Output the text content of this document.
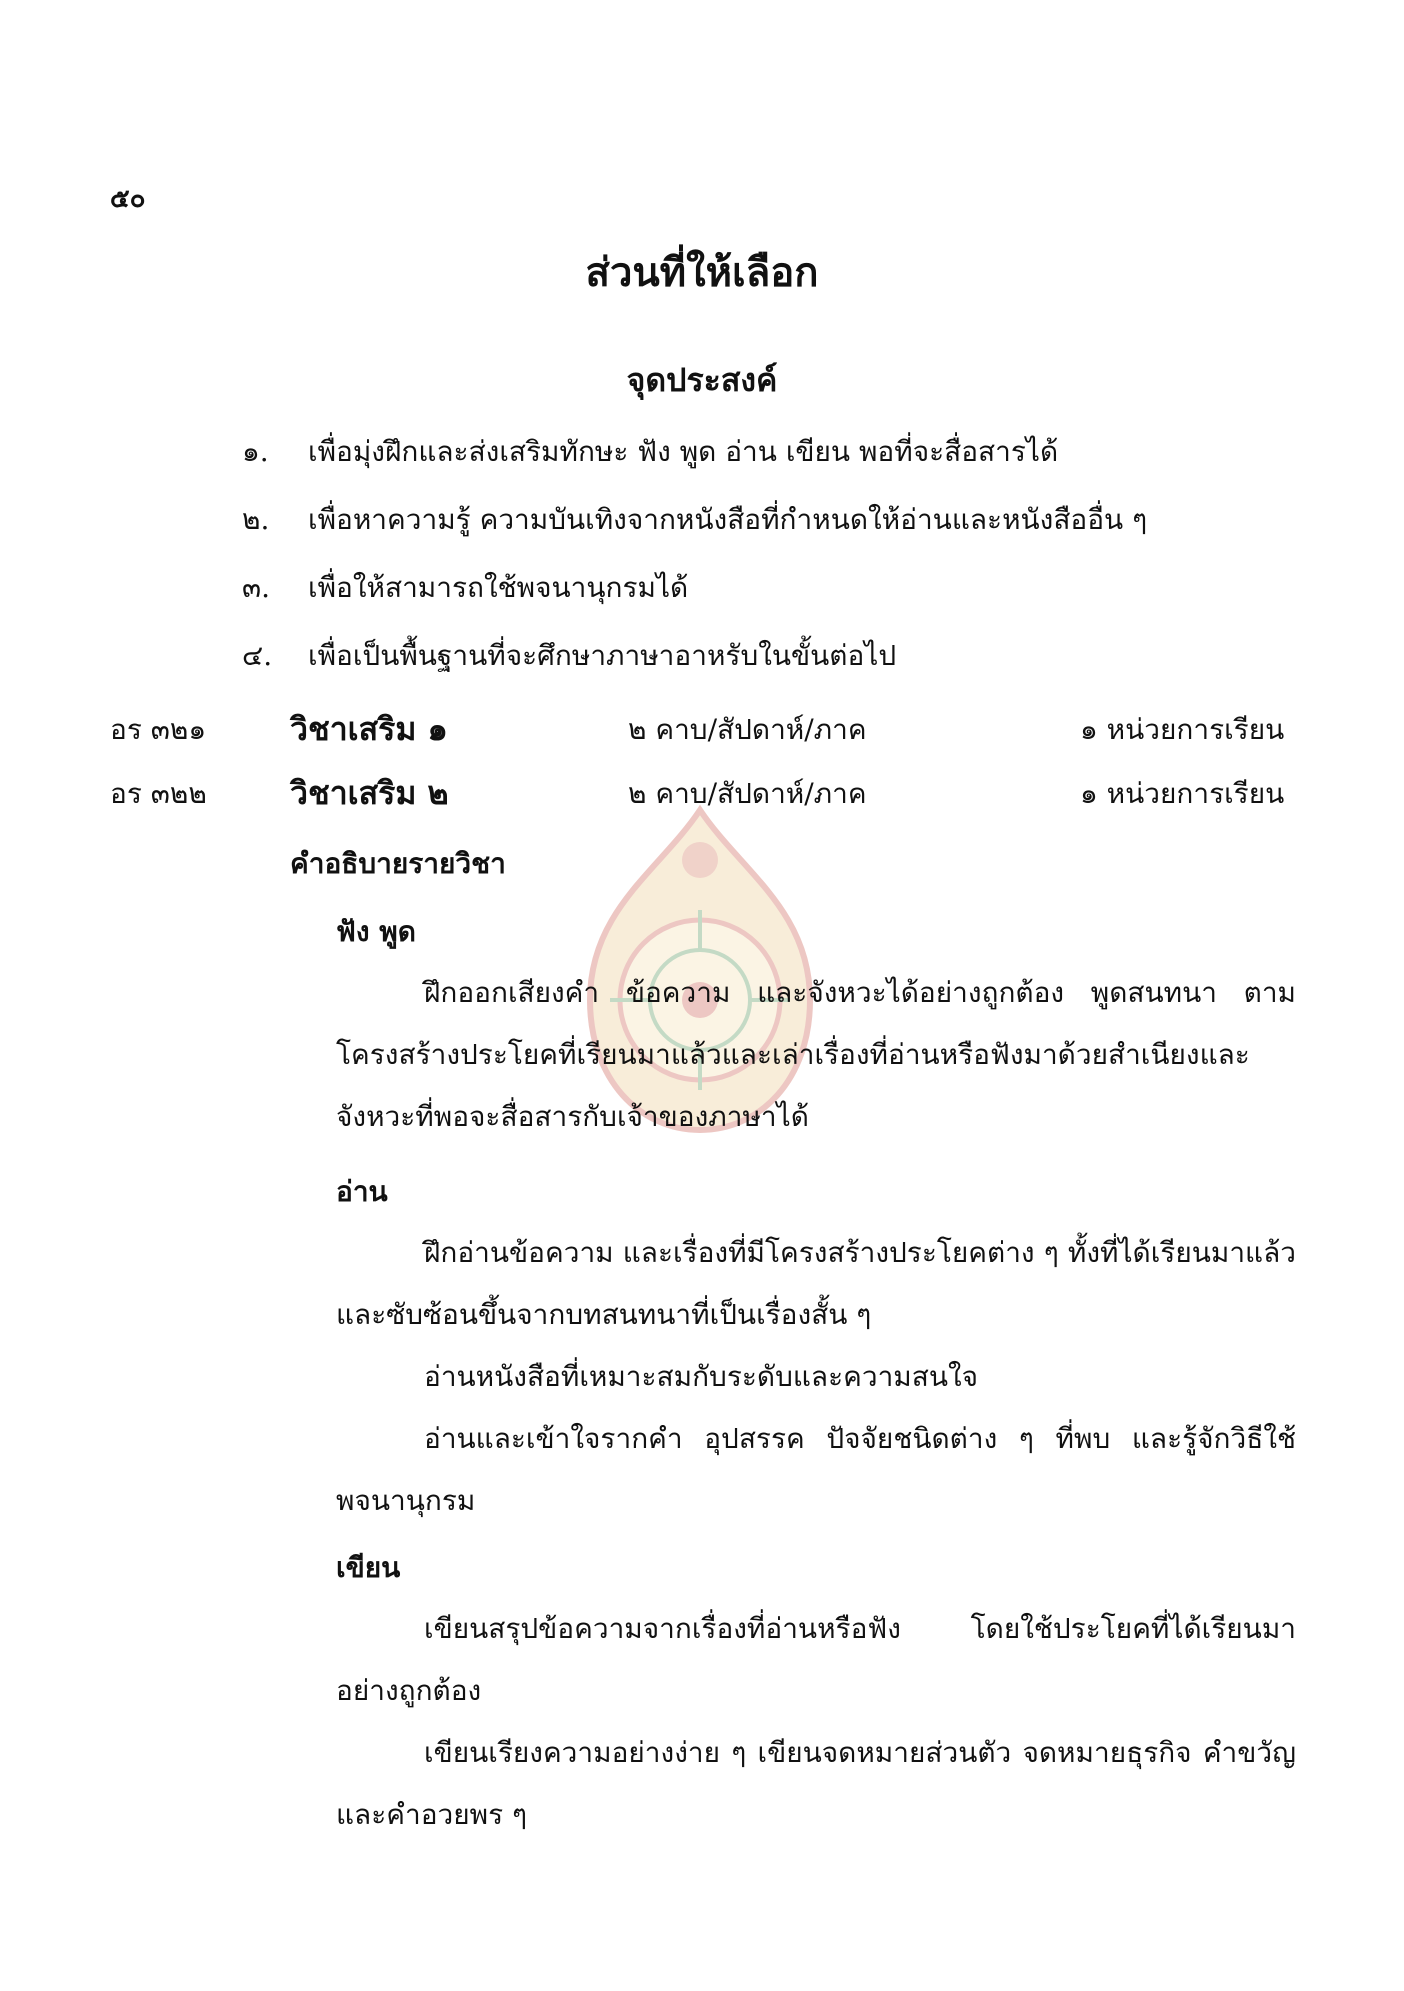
๕๐
ส่วนที่ให้เลือก
จุดประสงค์
๑. เพื่อมุ่งฝึกและส่งเสริมทักษะ ฟัง พูด อ่าน เขียน พอที่จะสื่อสารได้
๒. เพื่อหาความรู้ ความบันเทิงจากหนังสือที่กำหนดให้อ่านและหนังสืออื่น ๆ
๓. เพื่อให้สามารถใช้พจนานุกรมได้
๔. เพื่อเป็นพื้นฐานที่จะศึกษาภาษาอาหรับในขั้นต่อไป
อร ๓๒๑	วิชาเสริม ๑	๒ คาบ/สัปดาห์/ภาค	๑ หน่วยการเรียน
อร ๓๒๒	วิชาเสริม ๒	๒ คาบ/สัปดาห์/ภาค	๑ หน่วยการเรียน
คำอธิบายรายวิชา
ฟัง พูด
ฝึกออกเสียงคำ ข้อความ และจังหวะได้อย่างถูกต้อง พูดสนทนา ตามโครงสร้างประโยคที่เรียนมาแล้วและเล่าเรื่องที่อ่านหรือฟังมาด้วยสำเนียงและจังหวะที่พอจะสื่อสารกับเจ้าของภาษาได้
อ่าน
ฝึกอ่านข้อความ และเรื่องที่มีโครงสร้างประโยคต่าง ๆ ทั้งที่ได้เรียนมาแล้ว และซับซ้อนขึ้นจากบทสนทนาที่เป็นเรื่องสั้น ๆ
อ่านหนังสือที่เหมาะสมกับระดับและความสนใจ
อ่านและเข้าใจรากคำ อุปสรรค ปัจจัยชนิดต่าง ๆ ที่พบ และรู้จักวิธีใช้พจนานุกรม
เขียน
เขียนสรุปข้อความจากเรื่องที่อ่านหรือฟัง โดยใช้ประโยคที่ได้เรียนมาอย่างถูกต้อง
เขียนเรียงความอย่างง่าย ๆ เขียนจดหมายส่วนตัว จดหมายธุรกิจ คำขวัญ และคำอวยพร ๆ
